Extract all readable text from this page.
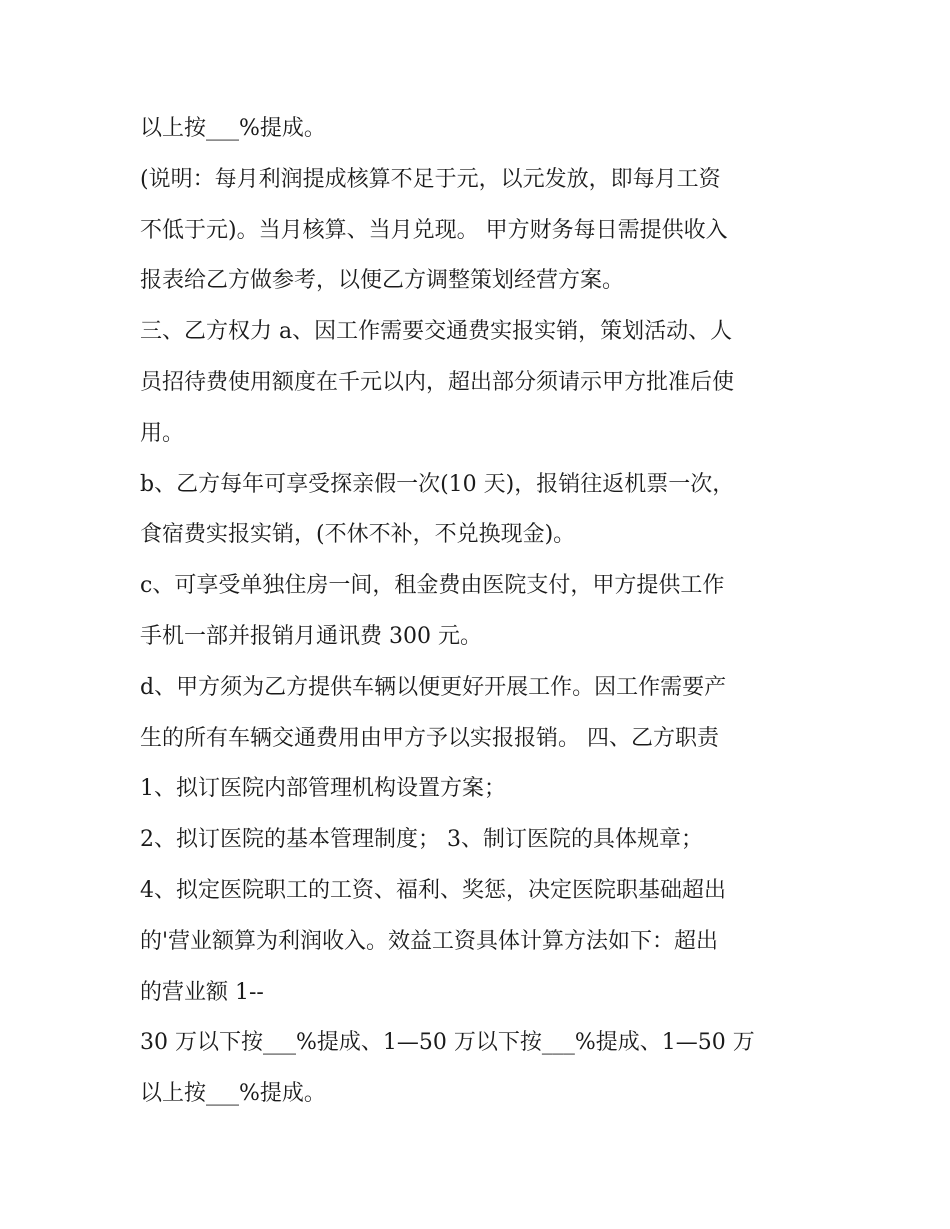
以上按___%提成。
(说明：每月利润提成核算不足于元，以元发放，即每月工资
不低于元)。当月核算、当月兑现。 甲方财务每日需提供收入
报表给乙方做参考，以便乙方调整策划经营方案。
三、乙方权力 a、因工作需要交通费实报实销，策划活动、人
员招待费使用额度在千元以内，超出部分须请示甲方批准后使
用。
b、乙方每年可享受探亲假一次(10 天)，报销往返机票一次，
食宿费实报实销，(不休不补，不兑换现金)。
c、可享受单独住房一间，租金费由医院支付，甲方提供工作
手机一部并报销月通讯费 300 元。
d、甲方须为乙方提供车辆以便更好开展工作。因工作需要产
生的所有车辆交通费用由甲方予以实报报销。 四、乙方职责
1、拟订医院内部管理机构设置方案；
2、拟订医院的基本管理制度； 3、制订医院的具体规章；
4、拟定医院职工的工资、福利、奖惩，决定医院职基础超出
的'营业额算为利润收入。效益工资具体计算方法如下：超出
的营业额 1--
30 万以下按___%提成、1—50 万以下按___%提成、1—50 万
以上按___%提成。
